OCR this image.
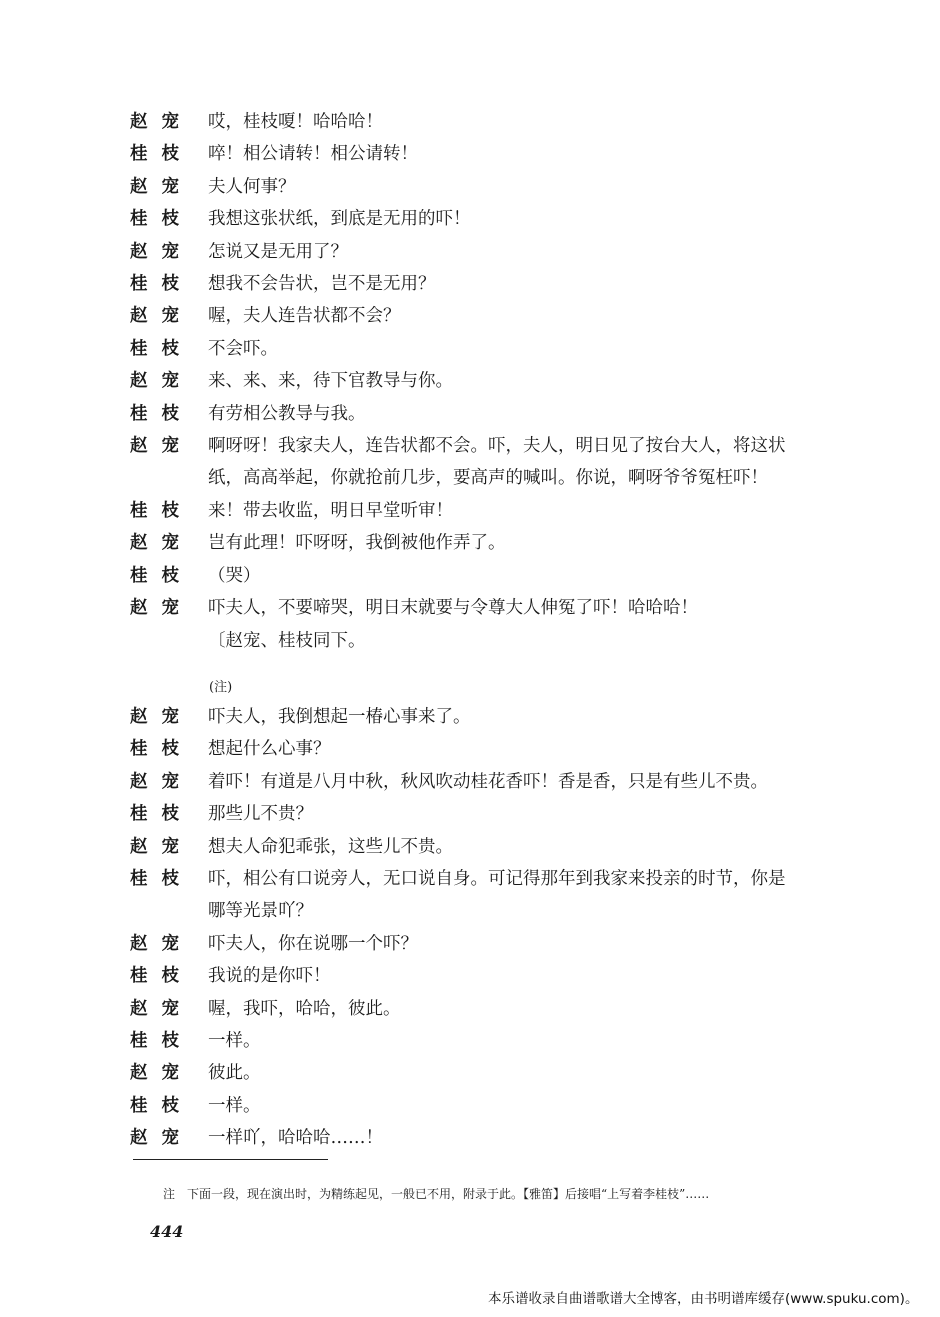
赵宠 哎，桂枝嗄！哈哈哈！
桂枝 啐！相公请转！相公请转！
赵宠 夫人何事？
桂枝 我想这张状纸，到底是无用的吓！
赵宠 怎说又是无用了？
桂枝 想我不会告状，岂不是无用？
赵宠 喔，夫人连告状都不会？
桂枝 不会吓。
赵宠 来、来、来，待下官教导与你。
桂枝 有劳相公教导与我。
赵宠 啊呀呀！我家夫人，连告状都不会。吓，夫人，明日见了按台大人，将这状
纸，高高举起，你就抢前几步，要高声的喊叫。你说，啊呀爷爷冤枉吓！
桂枝 来！带去收监，明日早堂听审！
赵宠 岂有此理！吓呀呀，我倒被他作弄了。
桂枝 （哭）
赵宠 吓夫人，不要啼哭，明日末就要与令尊大人伸冤了吓！哈哈哈！
〔赵宠、桂枝同下。
(注)
赵宠 吓夫人，我倒想起一椿心事来了。
桂枝 想起什么心事？
赵宠 着吓！有道是八月中秋，秋风吹动桂花香吓！香是香，只是有些儿不贵。
桂枝 那些儿不贵？
赵宠 想夫人命犯乖张，这些儿不贵。
桂枝 吓，相公有口说旁人，无口说自身。可记得那年到我家来投亲的时节，你是
哪等光景吖？
赵宠 吓夫人，你在说哪一个吓？
桂枝 我说的是你吓！
赵宠 喔，我吓，哈哈，彼此。
桂枝 一样。
赵宠 彼此。
桂枝 一样。
赵宠 一样吖，哈哈哈……！
注　下面一段，现在演出时，为精练起见，一般已不用，附录于此。【雅笛】后接唱“上写着李桂枝”……
444
本乐谱收录自曲谱歌谱大全博客，由书明谱库缓存(www.spuku.com)。
